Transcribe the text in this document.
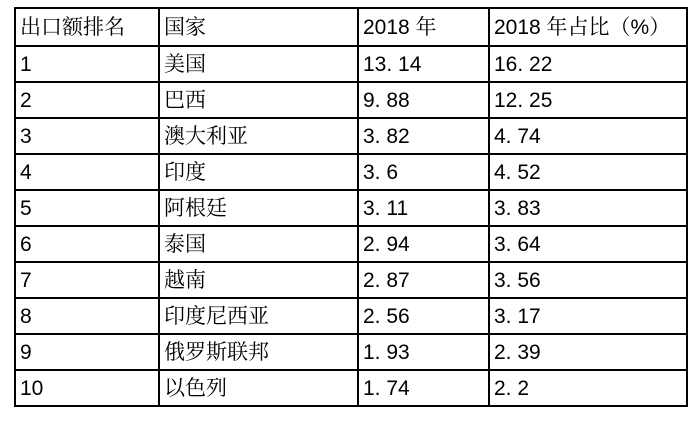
出口额排名	国家	2018 年	2018 年占比（%）
1	美国	13. 14	16. 22
2	巴西	9. 88	12. 25
3	澳大利亚	3. 82	4. 74
4	印度	3. 6	4. 52
5	阿根廷	3. 11	3. 83
6	泰国	2. 94	3. 64
7	越南	2. 87	3. 56
8	印度尼西亚	2. 56	3. 17
9	俄罗斯联邦	1. 93	2. 39
10	以色列	1. 74	2. 2
